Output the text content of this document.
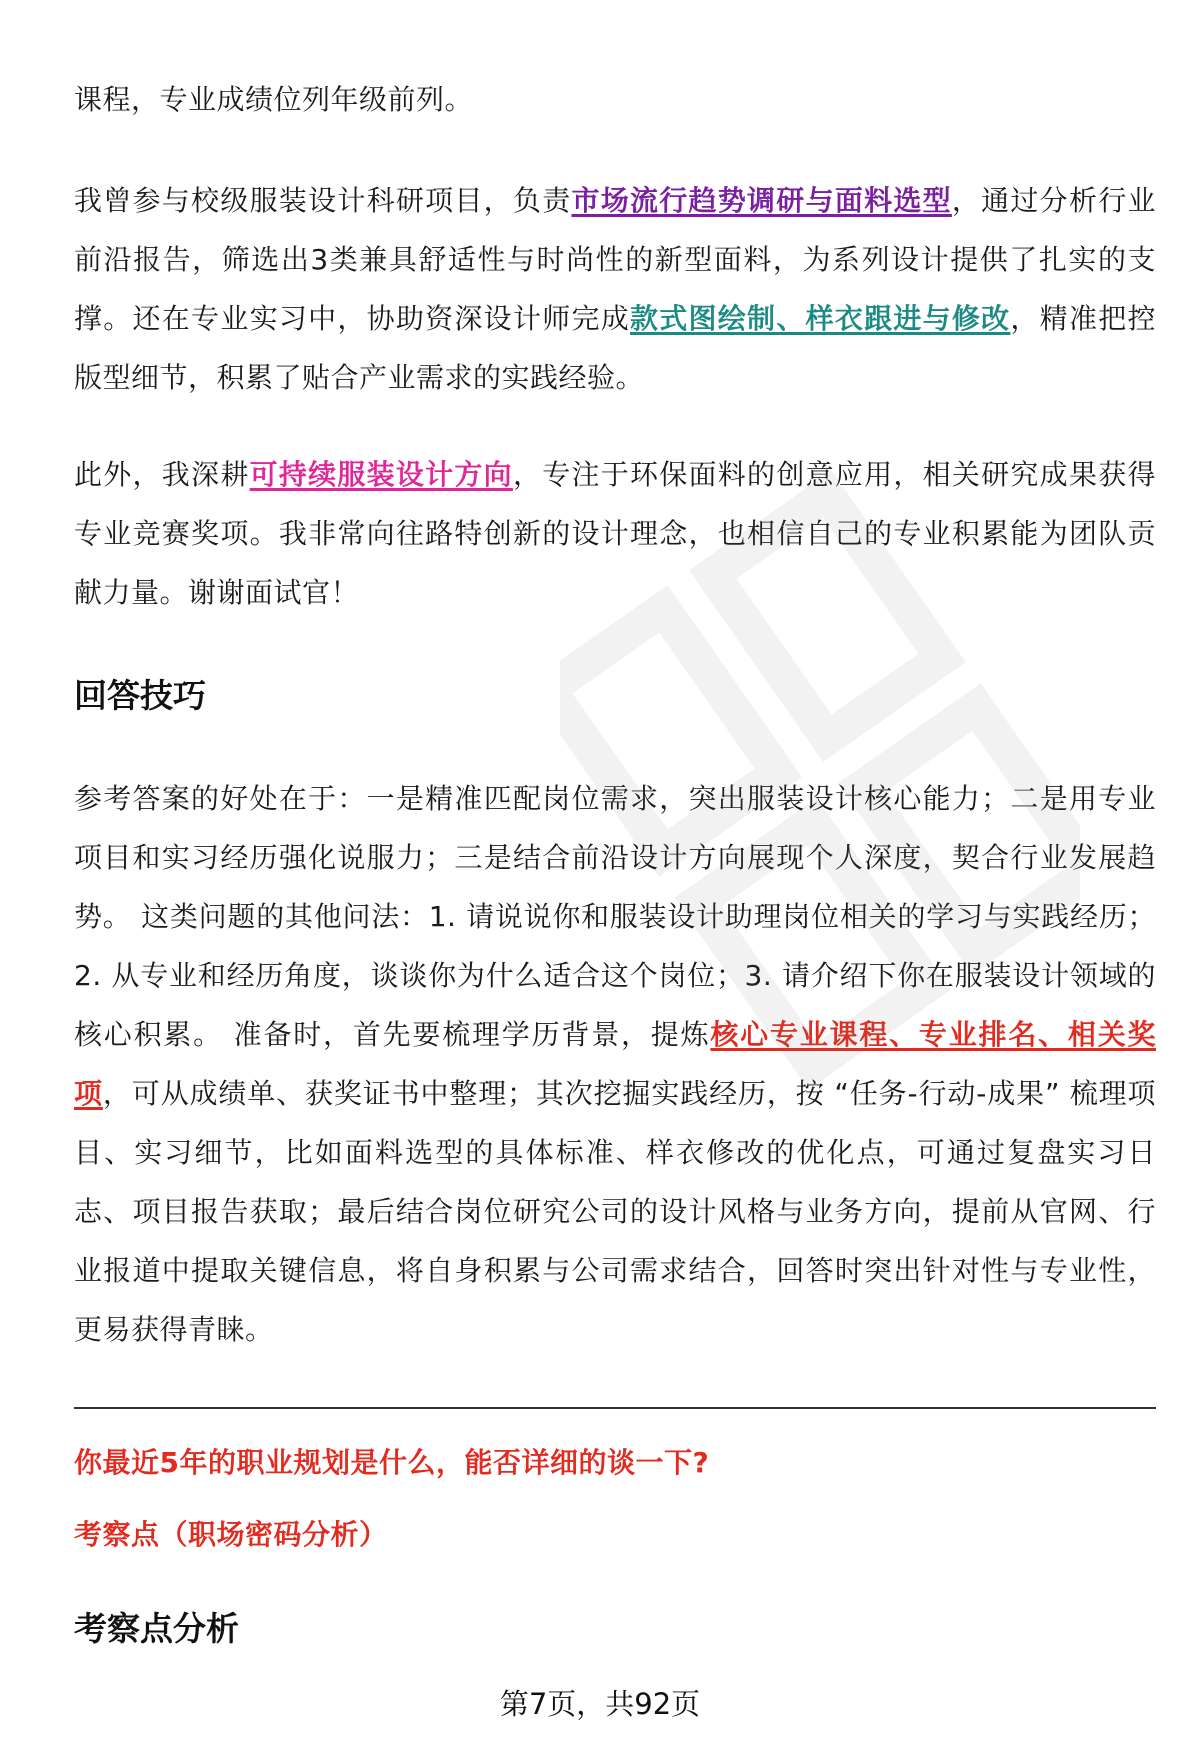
课程，专业成绩位列年级前列。

我曾参与校级服装设计科研项目，负责市场流行趋势调研与面料选型，通过分析行业前沿报告，筛选出3类兼具舒适性与时尚性的新型面料，为系列设计提供了扎实的支撑。还在专业实习中，协助资深设计师完成款式图绘制、样衣跟进与修改，精准把控版型细节，积累了贴合产业需求的实践经验。

此外，我深耕可持续服装设计方向，专注于环保面料的创意应用，相关研究成果获得专业竞赛奖项。我非常向往路特创新的设计理念，也相信自己的专业积累能为团队贡献力量。谢谢面试官！

回答技巧

参考答案的好处在于：一是精准匹配岗位需求，突出服装设计核心能力；二是用专业项目和实习经历强化说服力；三是结合前沿设计方向展现个人深度，契合行业发展趋势。 这类问题的其他问法：1. 请说说你和服装设计助理岗位相关的学习与实践经历；2. 从专业和经历角度，谈谈你为什么适合这个岗位；3. 请介绍下你在服装设计领域的核心积累。 准备时，首先要梳理学历背景，提炼核心专业课程、专业排名、相关奖项，可从成绩单、获奖证书中整理；其次挖掘实践经历，按 “任务-行动-成果” 梳理项目、实习细节，比如面料选型的具体标准、样衣修改的优化点，可通过复盘实习日志、项目报告获取；最后结合岗位研究公司的设计风格与业务方向，提前从官网、行业报道中提取关键信息，将自身积累与公司需求结合，回答时突出针对性与专业性，更易获得青睐。

你最近5年的职业规划是什么，能否详细的谈一下?

考察点（职场密码分析）

考察点分析
第7页，共92页
